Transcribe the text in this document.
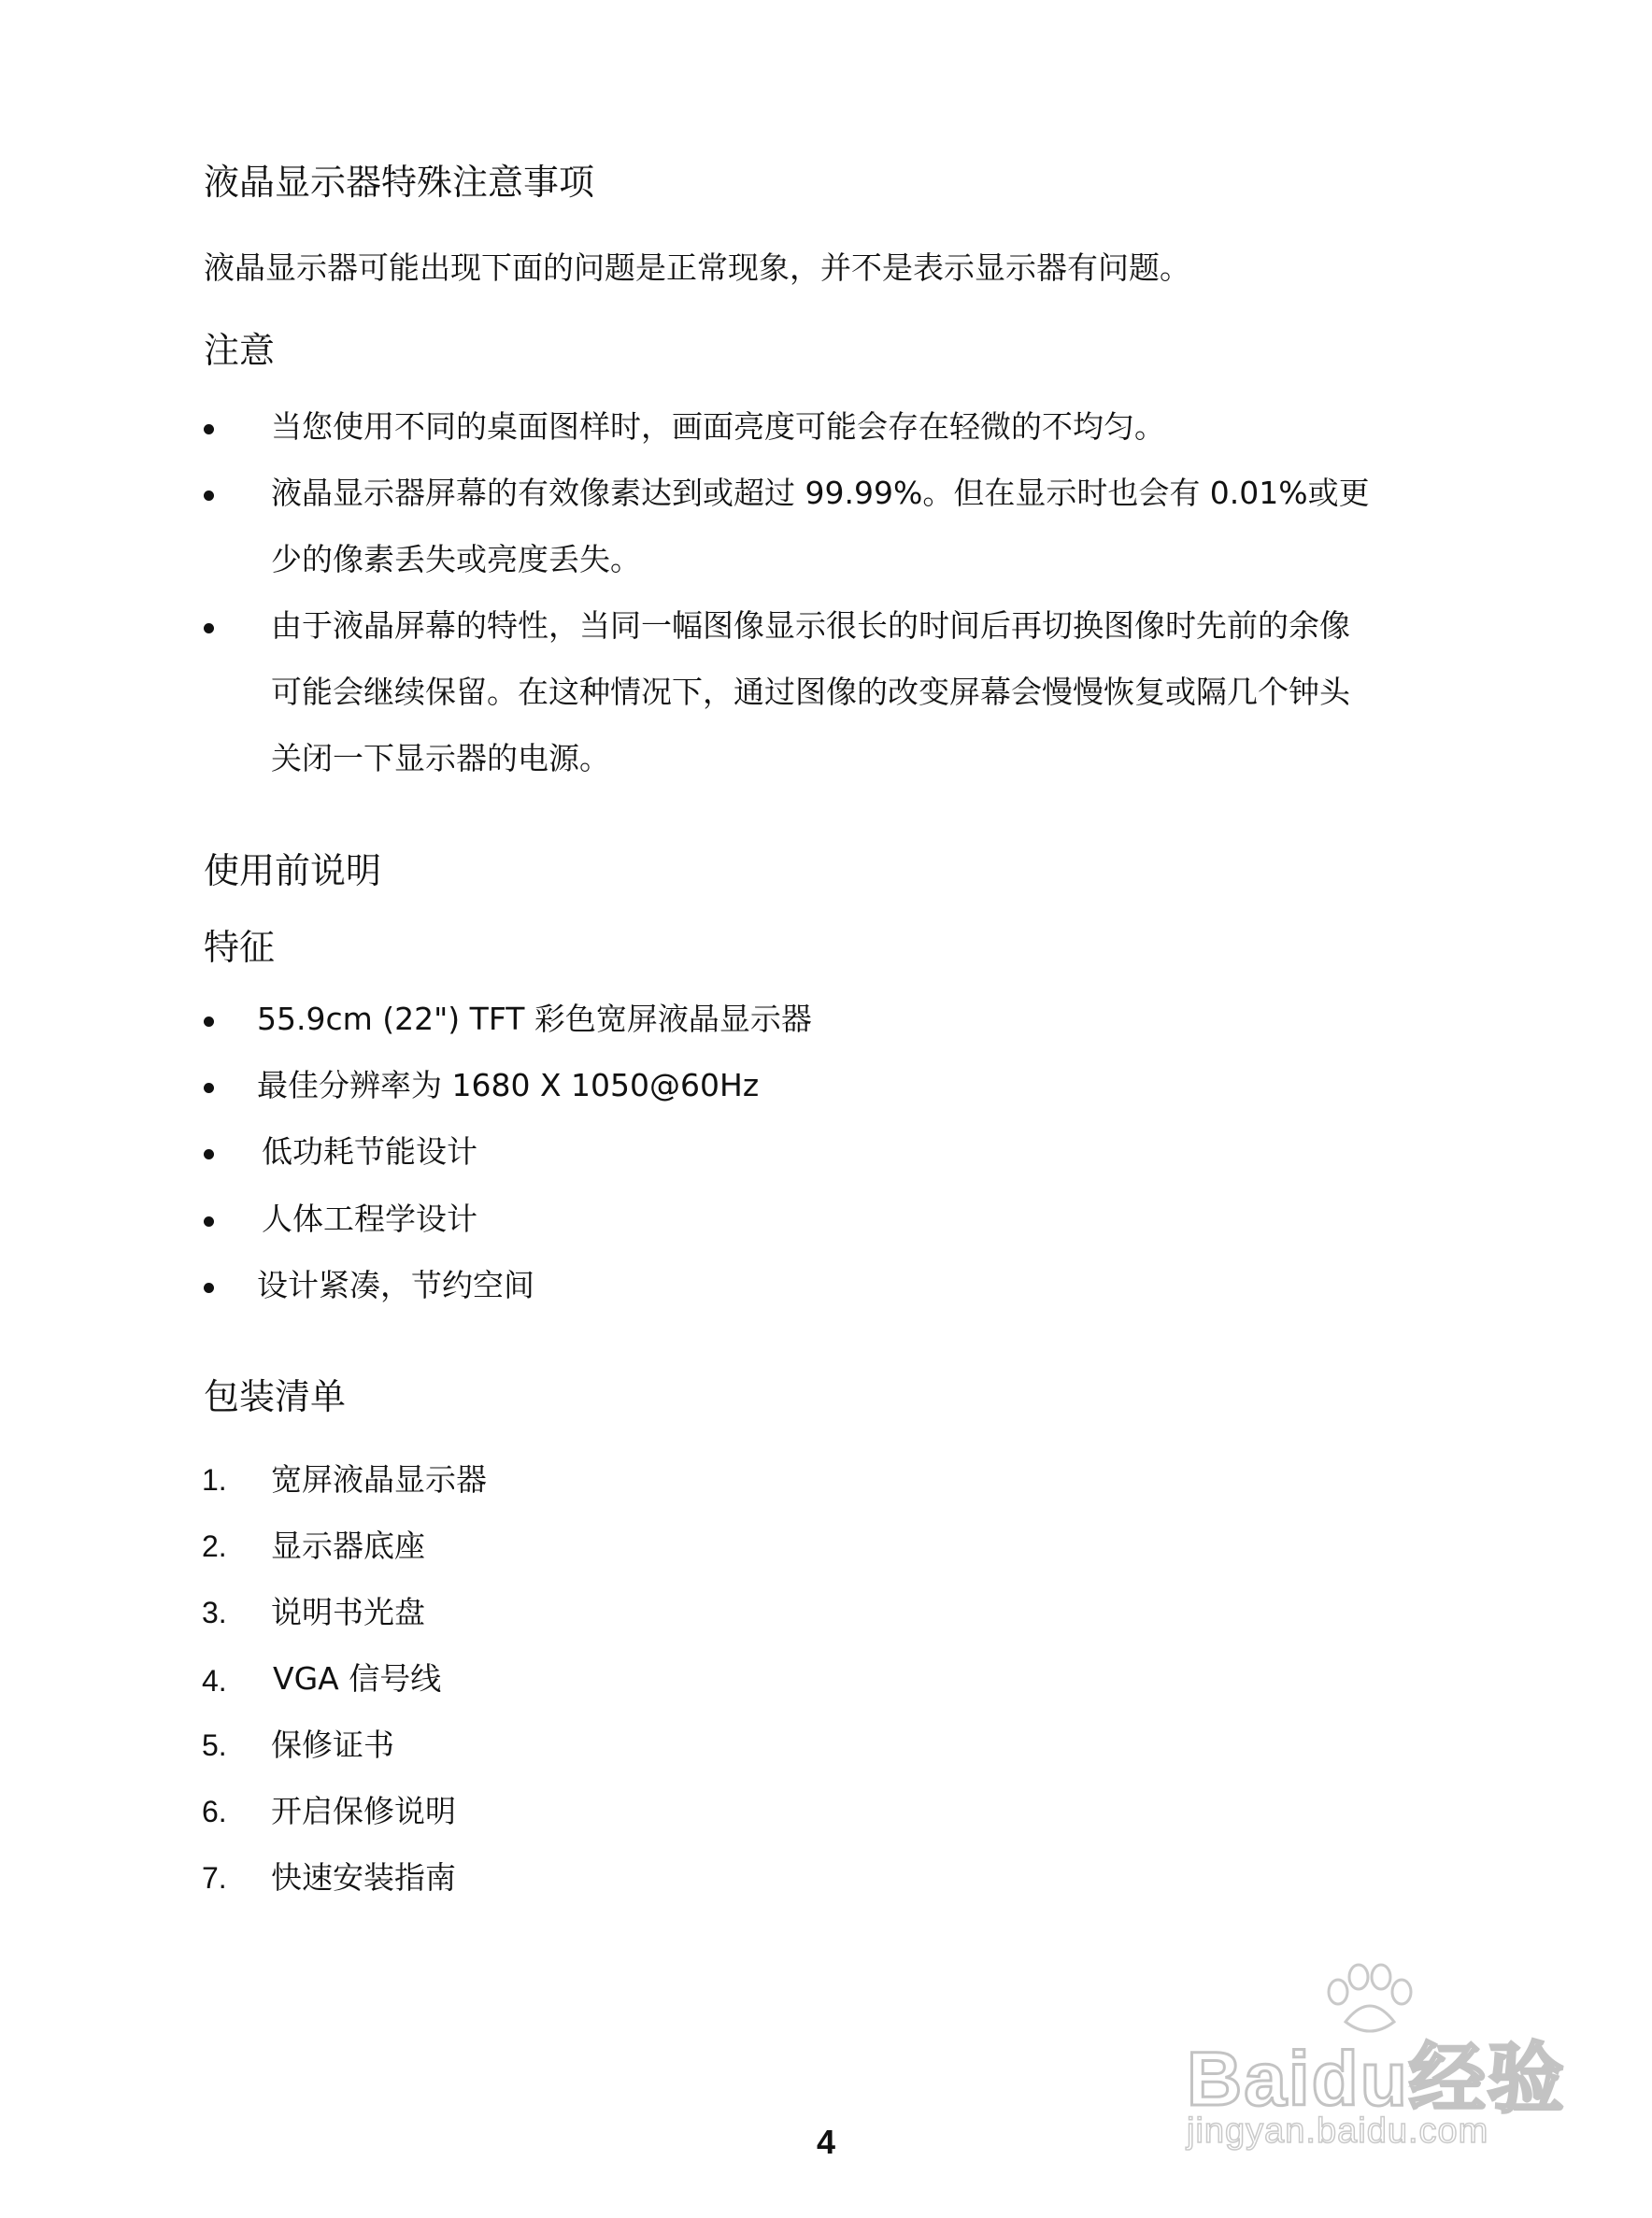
液晶显示器特殊注意事项
液晶显示器可能出现下面的问题是正常现象，并不是表示显示器有问题。
注意
当您使用不同的桌面图样时，画面亮度可能会存在轻微的不均匀。
液晶显示器屏幕的有效像素达到或超过 99.99%。但在显示时也会有 0.01%或更
少的像素丢失或亮度丢失。
由于液晶屏幕的特性，当同一幅图像显示很长的时间后再切换图像时先前的余像
可能会继续保留。在这种情况下，通过图像的改变屏幕会慢慢恢复或隔几个钟头
关闭一下显示器的电源。
使用前说明
特征
55.9cm (22") TFT 彩色宽屏液晶显示器
最佳分辨率为 1680 X 1050@60Hz
低功耗节能设计
人体工程学设计
设计紧凑，节约空间
包装清单
1. 宽屏液晶显示器
2. 显示器底座
3. 说明书光盘
4. VGA 信号线
5. 保修证书
6. 开启保修说明
7. 快速安装指南
Baidu经验
jingyan.baidu.com
4
